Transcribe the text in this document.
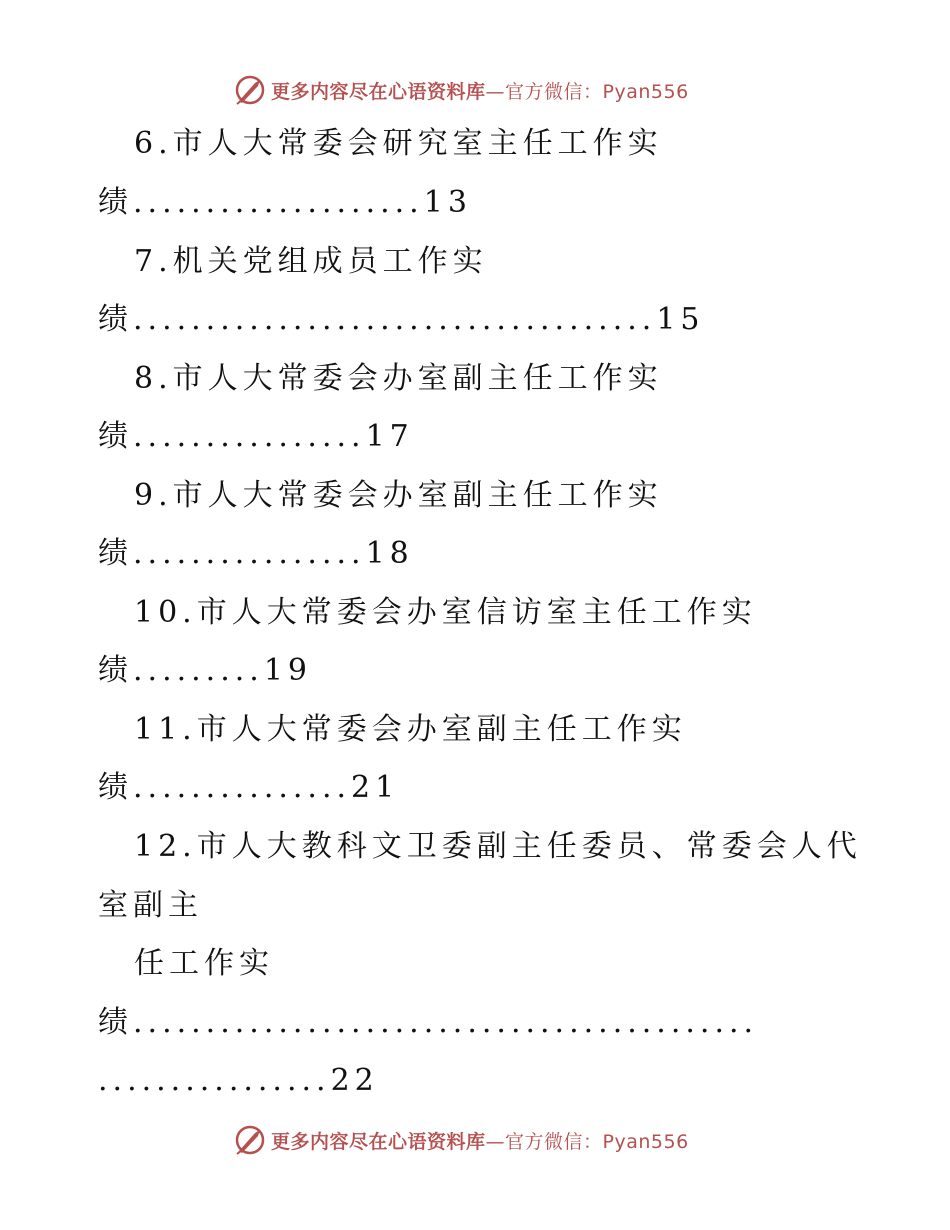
更多内容尽在心语资料库—官方微信：Pyan556
6.市人大常委会研究室主任工作实
绩....................13
7.机关党组成员工作实
绩....................................15
8.市人大常委会办室副主任工作实
绩................17
9.市人大常委会办室副主任工作实
绩................18
10.市人大常委会办室信访室主任工作实
绩.........19
11.市人大常委会办室副主任工作实
绩...............21
12.市人大教科文卫委副主任委员、常委会人代
室副主
任工作实
绩...........................................
................22
更多内容尽在心语资料库—官方微信：Pyan556
